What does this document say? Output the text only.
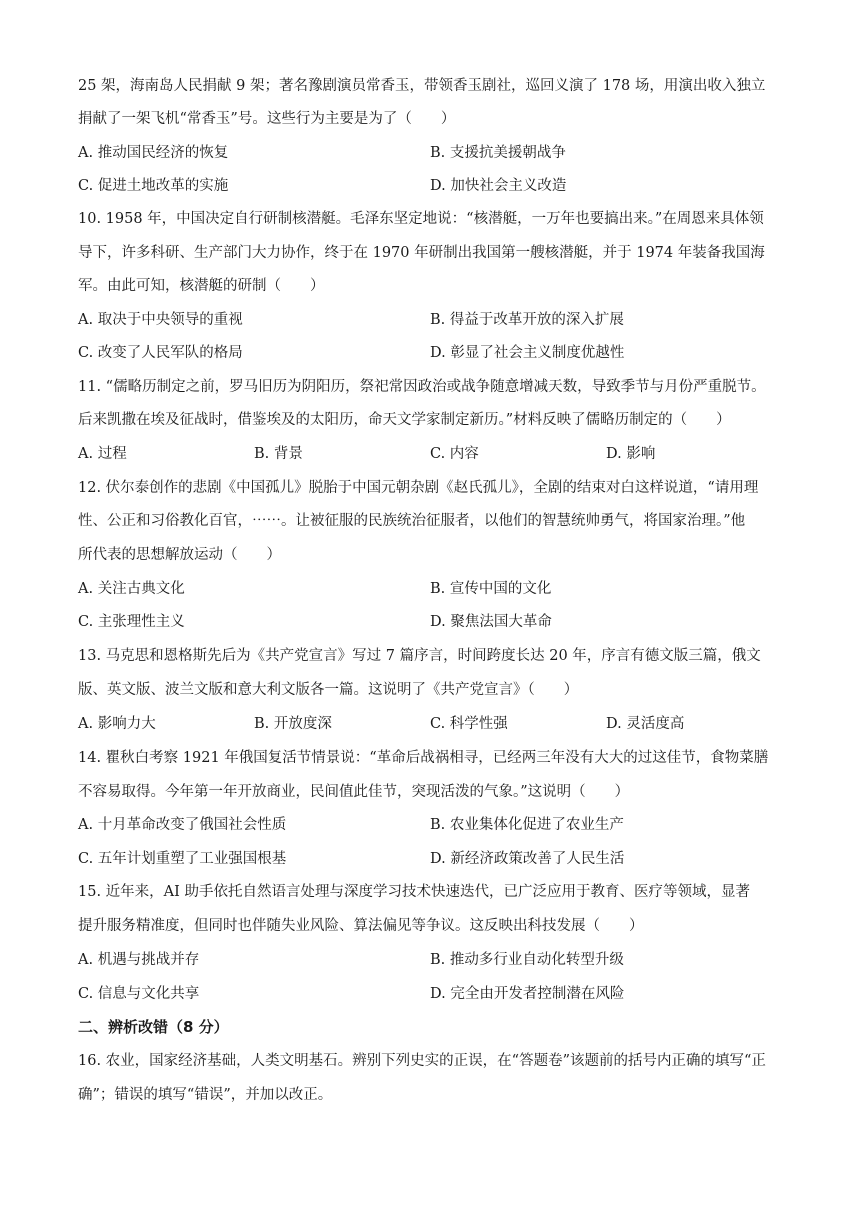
25 架，海南岛人民捐献 9 架；著名豫剧演员常香玉，带领香玉剧社，巡回义演了 178 场，用演出收入独立
捐献了一架飞机“常香玉”号。这些行为主要是为了（　　）
A. 推动国民经济的恢复	B. 支援抗美援朝战争
C. 促进土地改革的实施	D. 加快社会主义改造
10. 1958 年，中国决定自行研制核潜艇。毛泽东坚定地说：“核潜艇，一万年也要搞出来。”在周恩来具体领
导下，许多科研、生产部门大力协作，终于在 1970 年研制出我国第一艘核潜艇，并于 1974 年装备我国海
军。由此可知，核潜艇的研制（　　）
A. 取决于中央领导的重视	B. 得益于改革开放的深入扩展
C. 改变了人民军队的格局	D. 彰显了社会主义制度优越性
11. “儒略历制定之前，罗马旧历为阴阳历，祭祀常因政治或战争随意增减天数，导致季节与月份严重脱节。
后来凯撒在埃及征战时，借鉴埃及的太阳历，命天文学家制定新历。”材料反映了儒略历制定的（　　）
A. 过程	B. 背景	C. 内容	D. 影响
12. 伏尔泰创作的悲剧《中国孤儿》脱胎于中国元朝杂剧《赵氏孤儿》，全剧的结束对白这样说道，“请用理
性、公正和习俗教化百官，⋯⋯。让被征服的民族统治征服者，以他们的智慧统帅勇气，将国家治理。”他
所代表的思想解放运动（　　）
A. 关注古典文化	B. 宣传中国的文化
C. 主张理性主义	D. 聚焦法国大革命
13. 马克思和恩格斯先后为《共产党宣言》写过 7 篇序言，时间跨度长达 20 年，序言有德文版三篇，俄文
版、英文版、波兰文版和意大利文版各一篇。这说明了《共产党宣言》（　　）
A. 影响力大	B. 开放度深	C. 科学性强	D. 灵活度高
14. 瞿秋白考察 1921 年俄国复活节情景说：“革命后战祸相寻，已经两三年没有大大的过这佳节，食物菜膳
不容易取得。今年第一年开放商业，民间值此佳节，突现活泼的气象。”这说明（　　）
A. 十月革命改变了俄国社会性质	B. 农业集体化促进了农业生产
C. 五年计划重塑了工业强国根基	D. 新经济政策改善了人民生活
15. 近年来，AI 助手依托自然语言处理与深度学习技术快速迭代，已广泛应用于教育、医疗等领域，显著
提升服务精准度，但同时也伴随失业风险、算法偏见等争议。这反映出科技发展（　　）
A. 机遇与挑战并存	B. 推动多行业自动化转型升级
C. 信息与文化共享	D. 完全由开发者控制潜在风险
二、辨析改错（8 分）
16. 农业，国家经济基础，人类文明基石。辨别下列史实的正误，在“答题卷”该题前的括号内正确的填写“正
确”；错误的填写“错误”，并加以改正。
